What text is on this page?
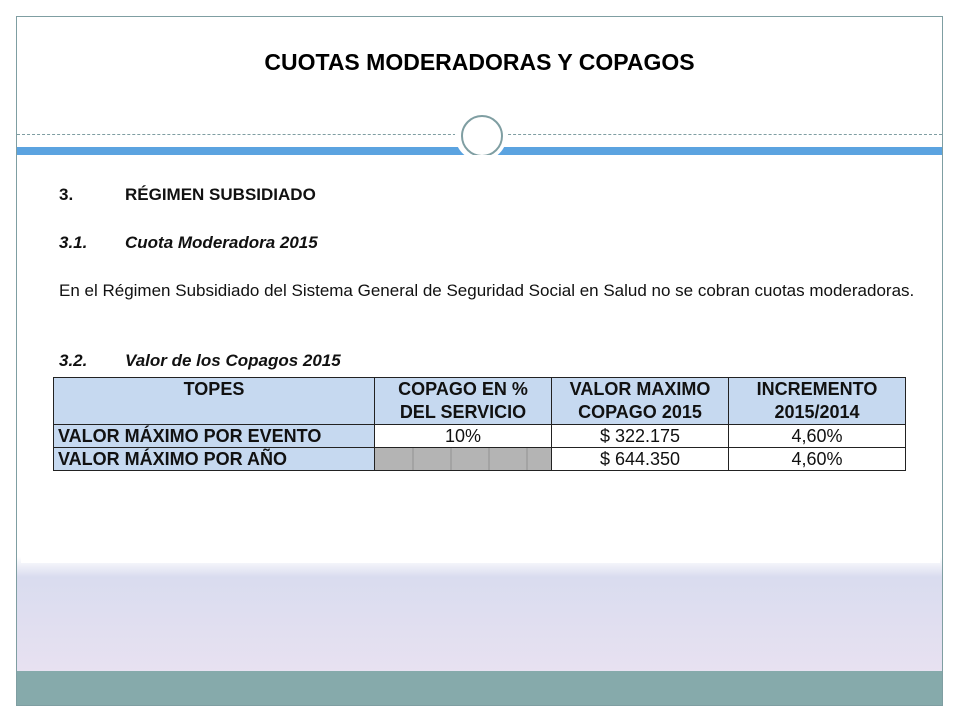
CUOTAS MODERADORAS Y COPAGOS
3.	RÉGIMEN SUBSIDIADO
3.1. Cuota Moderadora 2015
En el Régimen Subsidiado del Sistema General de Seguridad Social en Salud no se cobran cuotas moderadoras.
3.2. Valor de los Copagos 2015
TOPES	COPAGO EN % DEL SERVICIO	VALOR MAXIMO COPAGO 2015	INCREMENTO 2015/2014
VALOR MÁXIMO POR EVENTO	10%	$ 322.175	4,60%
VALOR MÁXIMO POR AÑO		$ 644.350	4,60%
